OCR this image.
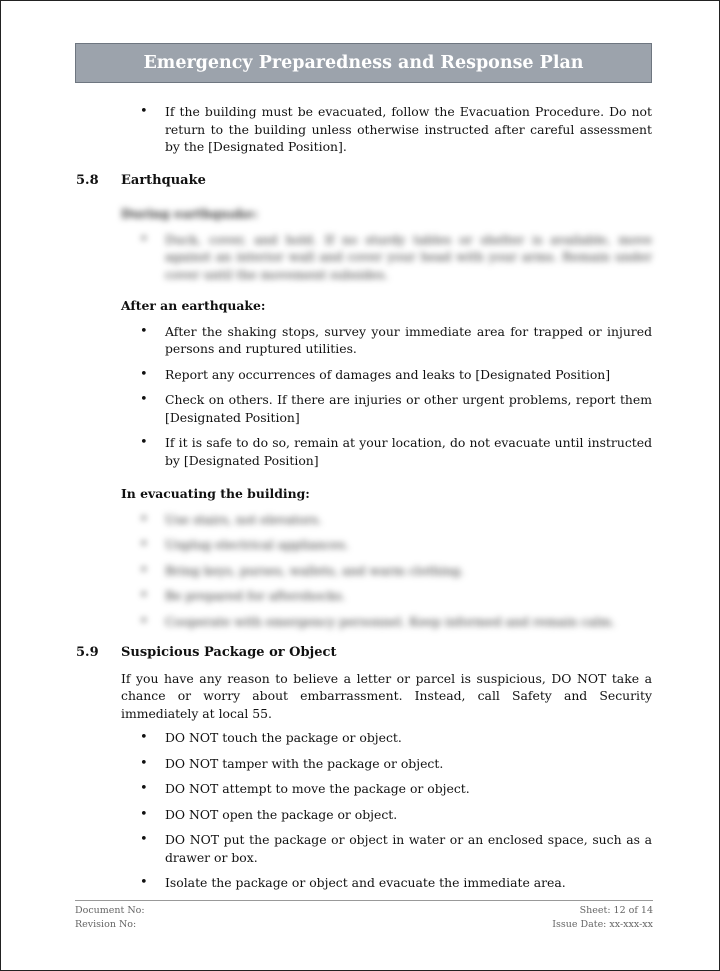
Emergency Preparedness and Response Plan
• If the building must be evacuated, follow the Evacuation Procedure. Do not return to the building unless otherwise instructed after careful assessment by the [Designated Position].
5.8 Earthquake
During earthquake:
• Duck, cover, and hold. If no sturdy tables or shelter is available, move against an interior wall and cover your head with your arms. Remain under cover until the movement subsides.
After an earthquake:
• After the shaking stops, survey your immediate area for trapped or injured persons and ruptured utilities.
• Report any occurrences of damages and leaks to [Designated Position]
• Check on others. If there are injuries or other urgent problems, report them [Designated Position]
• If it is safe to do so, remain at your location, do not evacuate until instructed by [Designated Position]
In evacuating the building:
• Use stairs, not elevators.
• Unplug electrical appliances.
• Bring keys, purses, wallets, and warm clothing.
• Be prepared for aftershocks.
• Cooperate with emergency personnel. Keep informed and remain calm.
5.9 Suspicious Package or Object
If you have any reason to believe a letter or parcel is suspicious, DO NOT take a chance or worry about embarrassment. Instead, call Safety and Security immediately at local 55.
• DO NOT touch the package or object.
• DO NOT tamper with the package or object.
• DO NOT attempt to move the package or object.
• DO NOT open the package or object.
• DO NOT put the package or object in water or an enclosed space, such as a drawer or box.
• Isolate the package or object and evacuate the immediate area.
Document No:	Sheet: 12 of 14
Revision No:	Issue Date: xx-xxx-xx
